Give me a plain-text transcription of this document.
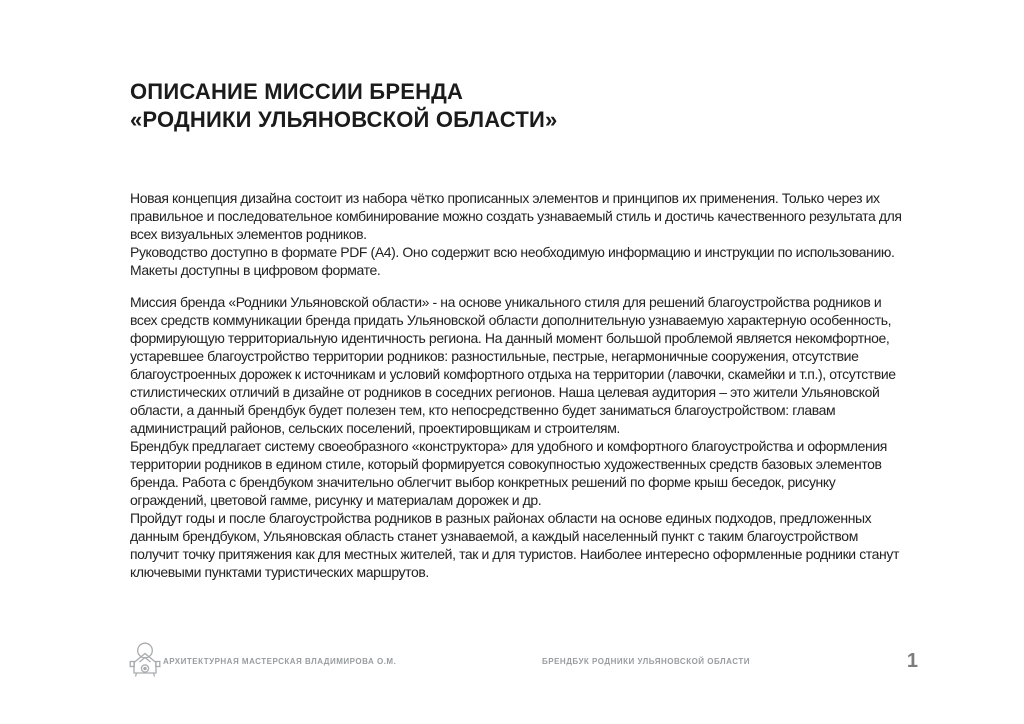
ОПИСАНИЕ МИССИИ БРЕНДА
«РОДНИКИ УЛЬЯНОВСКОЙ ОБЛАСТИ»

Новая концепция дизайна состоит из набора чётко прописанных элементов и принципов их применения. Только через их правильное и последовательное комбинирование можно создать узнаваемый стиль и достичь качественного результата для всех визуальных элементов родников.

Руководство доступно в формате PDF (А4). Оно содержит всю необходимую информацию и инструкции по использованию.

Макеты доступны в цифровом формате.

Миссия бренда «Родники Ульяновской области» - на основе уникального стиля для решений благоустройства родников и всех средств коммуникации бренда придать Ульяновской области дополнительную узнаваемую характерную особенность, формирующую территориальную идентичность региона. На данный момент большой проблемой является некомфортное, устаревшее благоустройство территории родников: разностильные, пестрые, негармоничные сооружения, отсутствие благоустроенных дорожек к источникам и условий комфортного отдыха на территории (лавочки, скамейки и т.п.), отсутствие стилистических отличий в дизайне от родников в соседних регионов. Наша целевая аудитория – это жители Ульяновской области, а данный брендбук будет полезен тем, кто непосредственно будет заниматься благоустройством: главам администраций районов, сельских поселений, проектировщикам и строителям.

Брендбук предлагает систему своеобразного «конструктора» для удобного и комфортного благоустройства и оформления территории родников в едином стиле, который формируется совокупностью художественных средств базовых элементов бренда. Работа с брендбуком значительно облегчит выбор конкретных решений по форме крыш беседок, рисунку ограждений, цветовой гамме, рисунку и материалам дорожек и др.

Пройдут годы и после благоустройства родников в разных районах области на основе единых подходов, предложенных данным брендбуком, Ульяновская область станет узнаваемой, а каждый населенный пункт с таким благоустройством получит точку притяжения как для местных жителей, так и для туристов. Наиболее интересно оформленные родники станут ключевыми пунктами туристических маршрутов.

АРХИТЕКТУРНАЯ МАСТЕРСКАЯ ВЛАДИМИРОВА О.М.	БРЕНДБУК РОДНИКИ УЛЬЯНОВСКОЙ ОБЛАСТИ	1
